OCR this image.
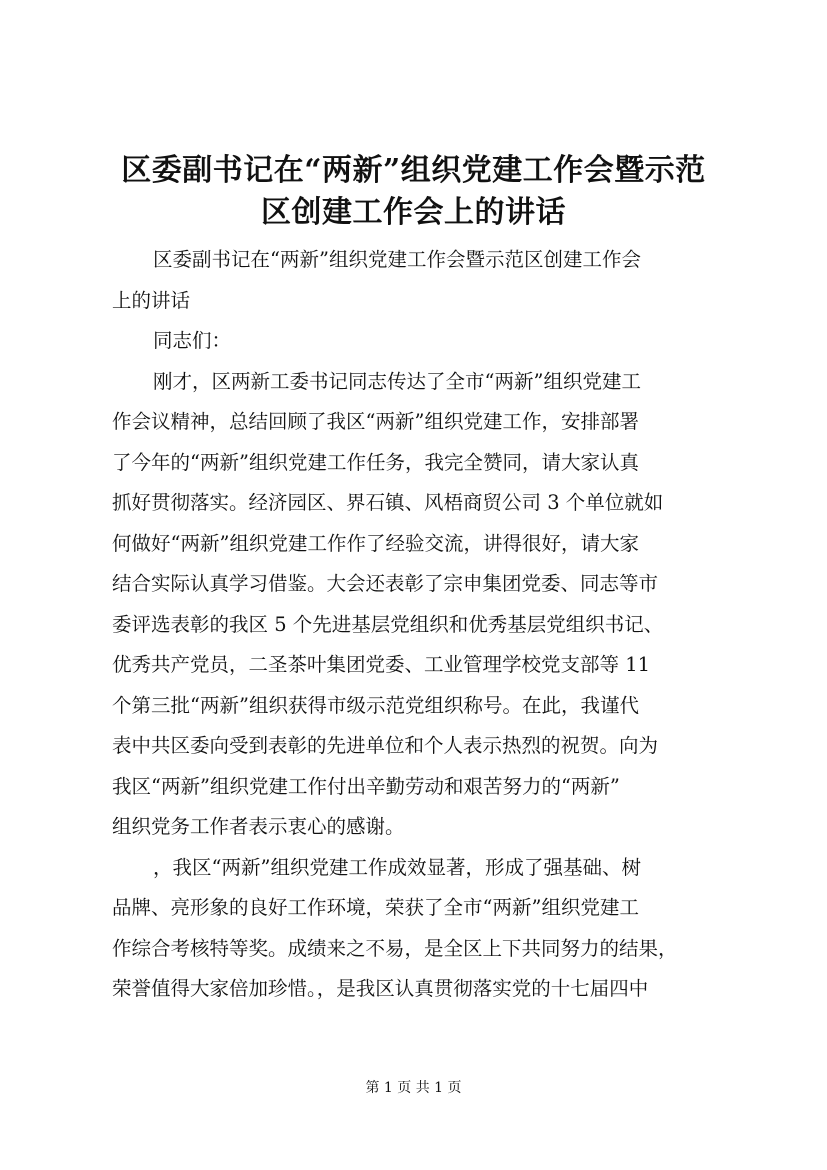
区委副书记在“两新”组织党建工作会暨示范
区创建工作会上的讲话
区委副书记在“两新”组织党建工作会暨示范区创建工作会
上的讲话
同志们：
刚才，区两新工委书记同志传达了全市“两新”组织党建工
作会议精神，总结回顾了我区“两新”组织党建工作，安排部署
了今年的“两新”组织党建工作任务，我完全赞同，请大家认真
抓好贯彻落实。经济园区、界石镇、风梧商贸公司 3 个单位就如
何做好“两新”组织党建工作作了经验交流，讲得很好，请大家
结合实际认真学习借鉴。大会还表彰了宗申集团党委、同志等市
委评选表彰的我区 5 个先进基层党组织和优秀基层党组织书记、
优秀共产党员，二圣茶叶集团党委、工业管理学校党支部等 11
个第三批“两新”组织获得市级示范党组织称号。在此，我谨代
表中共区委向受到表彰的先进单位和个人表示热烈的祝贺。向为
我区“两新”组织党建工作付出辛勤劳动和艰苦努力的“两新”
组织党务工作者表示衷心的感谢。
，我区“两新”组织党建工作成效显著，形成了强基础、树
品牌、亮形象的良好工作环境，荣获了全市“两新”组织党建工
作综合考核特等奖。成绩来之不易，是全区上下共同努力的结果，
荣誉值得大家倍加珍惜。，是我区认真贯彻落实党的十七届四中
第 1 页 共 1 页
